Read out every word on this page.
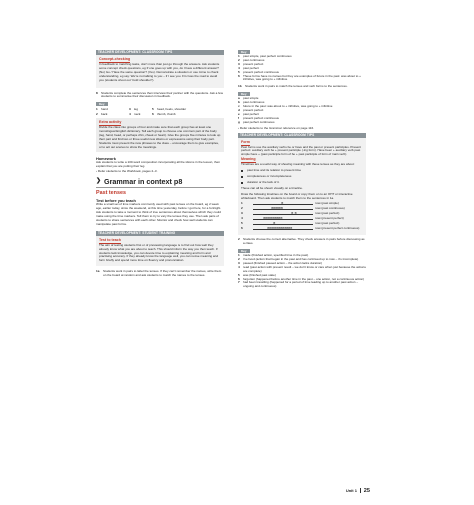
TEACHER DEVELOPMENT: CLASSROOM TIPS
Concept-checking
In feedback to matching tasks, don't more than just go through the answers. Ask students some concept check questions, eg If one goes up with you, do I have a different answer? (No) Go / Have the same question? (Yes). Demonstrate a situation or use mime to check understanding, eg say: We're not talking to you – if I see you. Fit cross the road to avoid you (students shout out 'Cold shoulder!').
8	Students complete the sentences then interview their partner with the questions. Ask a few students to summarise their discussion in feedback.
Key
1	hand	3	leg	5	head, heels, shoulder
2	back	4	neck	6	thumb, thumb
Extra activity
Divide the class into groups of four and make sure that each group has at least one monolingual English dictionary. Tell each group to choose one common part of the body (leg, hand, head, or perhaps chin, cheek or heart). Give the groups five minutes to look up their part and find two or three useful new idioms or expressions using their body part. Students must present the new phrases to the class – encourage them to give examples, or to act out scenes to show the meanings.
Homework
Ask students to write a 100-word composition incorporating all the idioms in the lesson, then explain that you are putting their leg.
› Refer students to the Workbook, pages 2–3.
❯ Grammar in context p8
Past tenses
Test before you teach
Write a small set of time markers commonly used with past tenses on the board, eg 2 week ago, earlier today, since the weekend, at this time yesterday, before I got here, for a fortnight. Ask students to take a moment to think of true sentences about themselves which they could make using the time markers. Tell them to try to vary the tenses they use. Then ask pairs of students to share sentences with each other. Monitor and check how well students can manipulate past forms.
TEACHER DEVELOPMENT: STUDENT TRAINING
Test to teach
The aim of testing students first or of previewing language is to find out how well they already know what you are about to teach. This should inform the way you then teach. If students lack knowledge, you can devote time to explaining meaning and form and practising accuracy. If they already know the language well, you can revise meaning and form briefly and spend more time on fluency and pronunciation.
1a	Students work in pairs to label the tenses. If they can't remember the names, write them on the board at random and ask students to match the names to the tenses.
Key
1	past simple, past perfect continuous
2	past continuous
3	present perfect
4	past perfect
5	present perfect continuous
6	These forms have no names but they are examples of future in the past: was about to + infinitive, was going to + infinitive
1b	Students work in pairs to match the tenses and verb forms to the sentences.
Key
a	past simple
b	past continuous
c	future in the past: was about to + infinitive, was going to + infinitive
d	present perfect
e	past perfect
f	present perfect continuous
g	past perfect continuous
› Refer students to the Grammar reference on page 116.
TEACHER DEVELOPMENT: CLASSROOM TIPS
Form
Past forms use the auxiliary verbs be or have and the past or present participles. Present perfect: auxiliary verb be + present participle (-ing form). Have been + auxiliary verb past simple have + (past participle form of be + past participle of form of main verb)
Meaning
Timelines are a useful way of showing meaning with these tenses as they are about:
past time and its relation to present time
completeness or incompleteness
duration or the lack of it.
These can all be shown visually on a timeline.
Draw the following timelines on the board or copy them on to an OHT or interactive whiteboard. Then ask students to match them to the sentences in 1a.
1	✕	now (past simple)
2	✕✕✕✕✕✕	now (past continuous)
3	✕ ✕	now (past perfect)
4	✕✕✕✕✕✕✕✕✕✕	now (present perfect)
5	✕	now (past perfect)
6	✕✕✕✕✕✕✕✕✕✕✕✕✕	now (present perfect continuous)
2	Students choose the correct alternative. They check answers in pairs before discussing as a class.
Key
1	made (finished action, specified time in the past)
2	I've lived (action that began in the past and has continued up to now – it's incomplete)
3	passed (finished passed action – the action lacks duration)
4	read (past action with present result – we don't know or care when just because the actions are complete)
5	was (finished past state)
6	forgotten (happened before another time in the past – one action, not a continuous action)
7	had been travelling (happened for a period of time leading up to another past action – ongoing and continuous)
Unit 1 25
